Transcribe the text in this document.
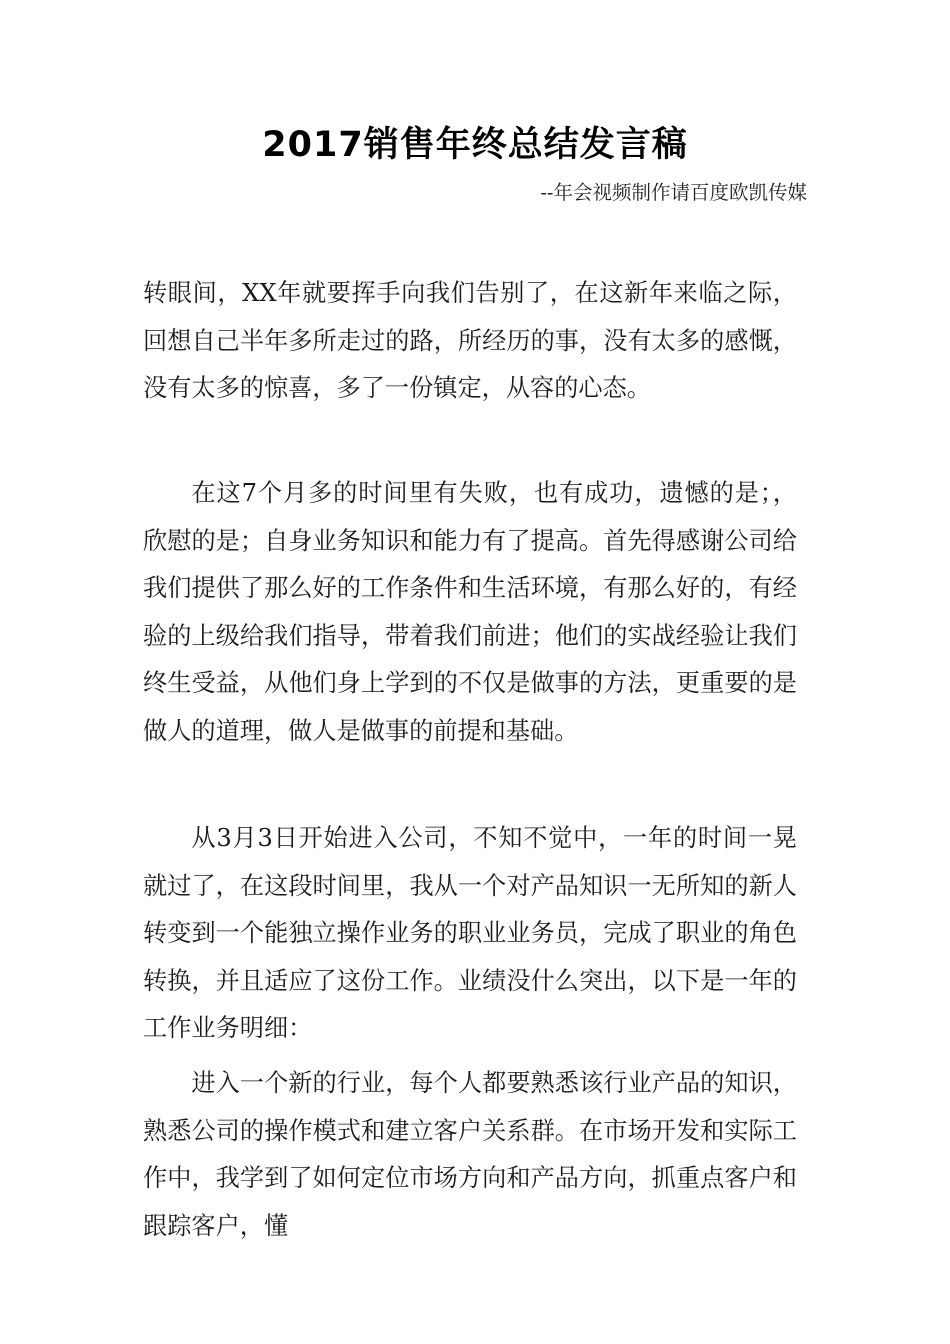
2017销售年终总结发言稿
--年会视频制作请百度欧凯传媒

转眼间，XX年就要挥手向我们告别了，在这新年来临之际，回想自己半年多所走过的路，所经历的事，没有太多的感慨，没有太多的惊喜，多了一份镇定，从容的心态。

在这7个月多的时间里有失败，也有成功，遗憾的是；，欣慰的是；自身业务知识和能力有了提高。首先得感谢公司给我们提供了那么好的工作条件和生活环境，有那么好的，有经验的上级给我们指导，带着我们前进；他们的实战经验让我们终生受益，从他们身上学到的不仅是做事的方法，更重要的是做人的道理，做人是做事的前提和基础。

从3月3日开始进入公司，不知不觉中，一年的时间一晃就过了，在这段时间里，我从一个对产品知识一无所知的新人转变到一个能独立操作业务的职业业务员，完成了职业的角色转换，并且适应了这份工作。业绩没什么突出，以下是一年的工作业务明细：

进入一个新的行业，每个人都要熟悉该行业产品的知识，熟悉公司的操作模式和建立客户关系群。在市场开发和实际工作中，我学到了如何定位市场方向和产品方向，抓重点客户和跟踪客户，懂
